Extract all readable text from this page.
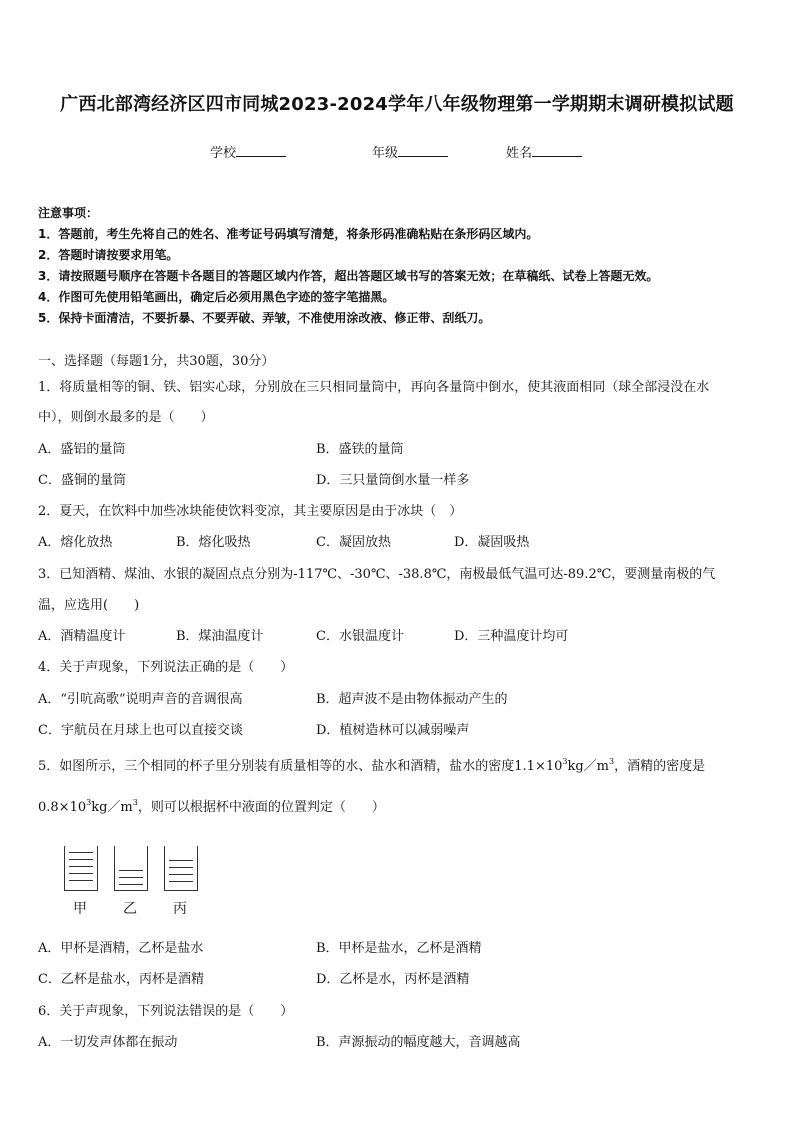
广西北部湾经济区四市同城2023-2024学年八年级物理第一学期期末调研模拟试题
学校	年级	姓名
注意事项：
1．答题前，考生先将自己的姓名、准考证号码填写清楚，将条形码准确粘贴在条形码区域内。
2．答题时请按要求用笔。
3．请按照题号顺序在答题卡各题目的答题区域内作答，超出答题区域书写的答案无效；在草稿纸、试卷上答题无效。
4．作图可先使用铅笔画出，确定后必须用黑色字迹的签字笔描黑。
5．保持卡面清洁，不要折暴、不要弄破、弄皱，不准使用涂改液、修正带、刮纸刀。
一、选择题（每题1分，共30题，30分）
1．将质量相等的铜、铁、铝实心球，分别放在三只相同量筒中，再向各量筒中倒水，使其液面相同（球全部浸没在水
中），则倒水最多的是（　　）
A．盛铝的量筒	B．盛铁的量筒
C．盛铜的量筒	D．三只量筒倒水量一样多
2．夏天，在饮料中加些冰块能使饮料变凉，其主要原因是由于冰块（　）
A．熔化放热	B．熔化吸热	C．凝固放热	D．凝固吸热
3．已知酒精、煤油、水银的凝固点点分别为-117℃、-30℃、-38.8℃，南极最低气温可达-89.2℃，要测量南极的气
温，应选用(　　)
A．酒精温度计	B．煤油温度计	C．水银温度计	D．三种温度计均可
4．关于声现象，下列说法正确的是（　　）
A．“引吭高歌”说明声音的音调很高	B．超声波不是由物体振动产生的
C．宇航员在月球上也可以直接交谈	D．植树造林可以减弱噪声
5．如图所示，三个相同的杯子里分别装有质量相等的水、盐水和酒精，盐水的密度$1.1\times 10^3kg/m^3$，酒精的密度是
$0.8\times 10^3kg/m^3$，则可以根据杯中液面的位置判定（　　）
甲	乙	丙
A．甲杯是酒精，乙杯是盐水	B．甲杯是盐水，乙杯是酒精
C．乙杯是盐水，丙杯是酒精	D．乙杯是水，丙杯是酒精
6．关于声现象，下列说法错误的是（　　）
A．一切发声体都在振动	B．声源振动的幅度越大，音调越高
